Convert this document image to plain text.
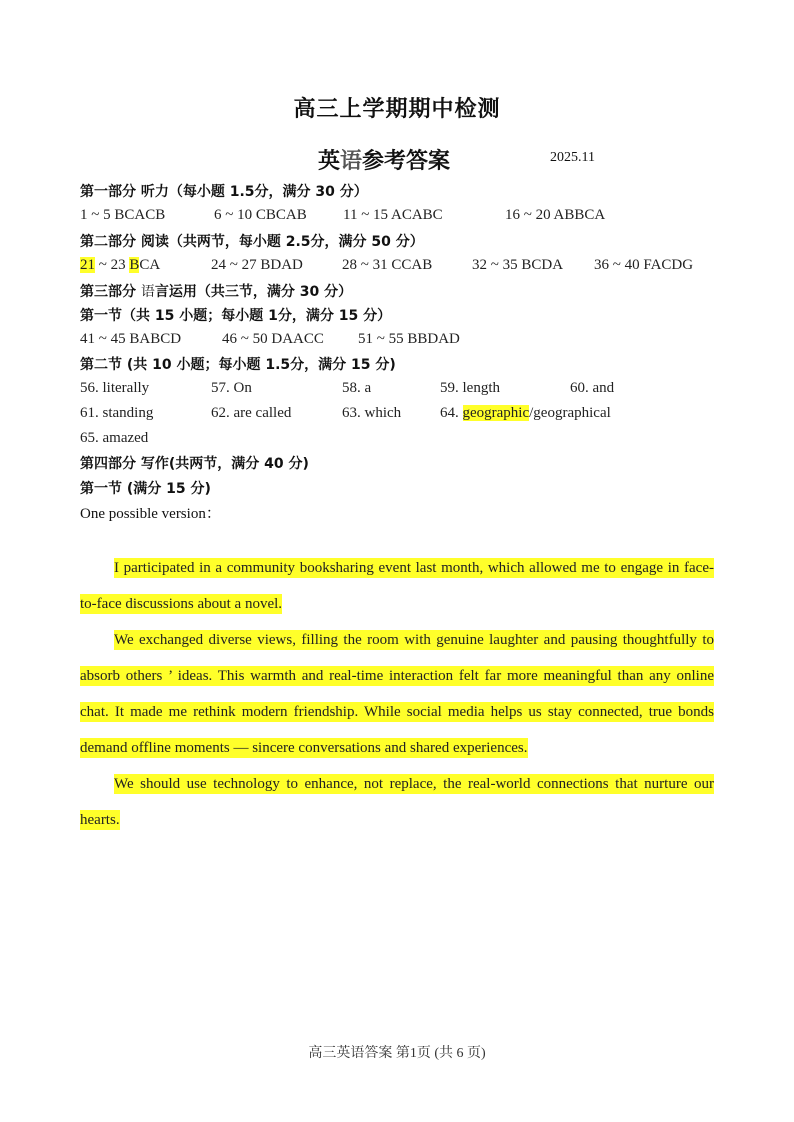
高三上学期期中检测
英语参考答案	2025.11
第一部分 听力（每小题 1.5分，满分 30 分）
1 ~ 5 BCACB	6 ~ 10 CBCAB 11 ~ 15 ACABC	16 ~ 20 ABBCA
第二部分 阅读（共两节，每小题 2.5分，满分 50 分）
21 ~ 23 BCA	24 ~ 27 BDAD	28 ~ 31 CCAB	32 ~ 35 BCDA 36 ~ 40 FACDG
第三部分 语言运用（共三节，满分 30 分）
第一节（共 15 小题；每小题 1分，满分 15 分）
41 ~ 45 BABCD	46 ~ 50 DAACC 51 ~ 55 BBDAD
第二节 (共 10 小题；每小题 1.5分，满分 15 分)
56. literally	57. On	58. a	59. length	60. and
61. standing	62. are called	63. which	64. geographic/geographical
65. amazed
第四部分 写作(共两节，满分 40 分)
第一节 (满分 15 分)
One possible version：

I participated in a community booksharing event last month, which allowed me to engage in face-to-face discussions about a novel.

We exchanged diverse views, filling the room with genuine laughter and pausing thoughtfully to absorb others ’ ideas. This warmth and real-time interaction felt far more meaningful than any online chat. It made me rethink modern friendship. While social media helps us stay connected, true bonds demand offline moments — sincere conversations and shared experiences.

We should use technology to enhance, not replace, the real-world connections that nurture our hearts.

高三英语答案 第1页 (共 6 页)
